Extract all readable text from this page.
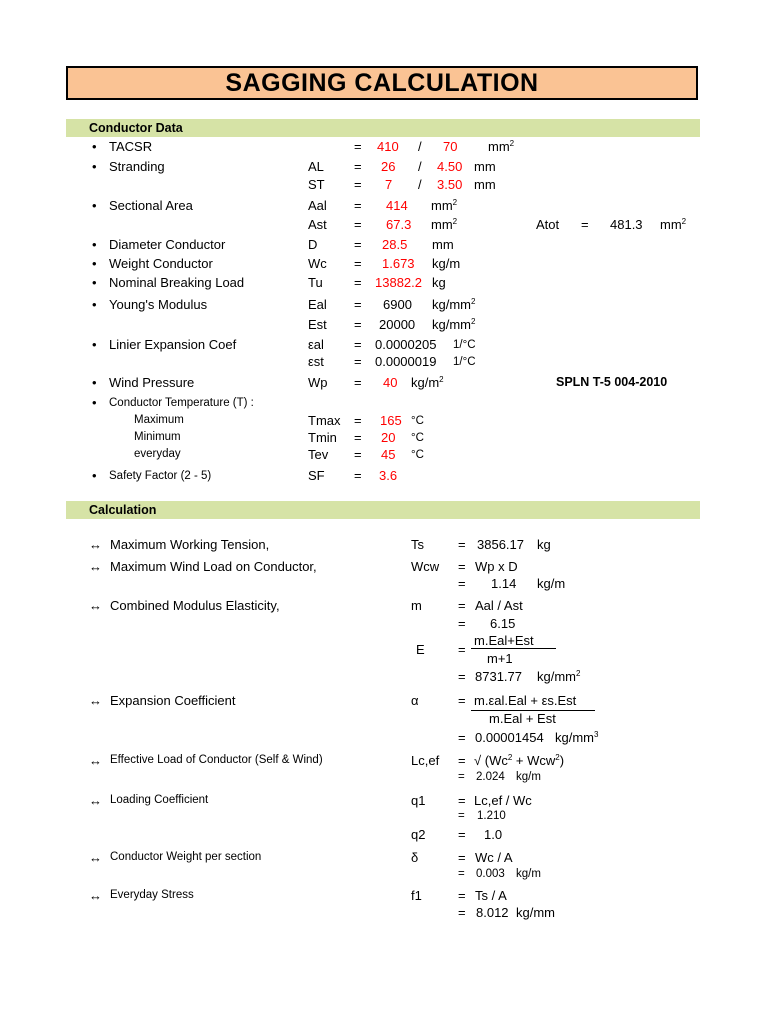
SAGGING CALCULATION
Conductor Data
• TACSR	= 410 / 70 $mm^2$
• Stranding	AL = 26 / 4.50 mm
ST = 7 / 3.50 mm
• Sectional Area	Aal = 414 $mm^2$
Ast = 67.3 $mm^2$	Atot = 481.3 $mm^2$
• Diameter Conductor	D	= 28.5 mm
• Weight Conductor	Wc = 1.673 kg/m
• Nominal Breaking Load	Tu = 13882.2 kg
• Young's Modulus	Eal = 6900 $kg/mm^2$
Est = 20000 $kg/mm^2$
• Linier Expansion Coef	εal = 0.0000205 1/°C
εst = 0.0000019 1/°C
• Wind Pressure	Wp = 40 $kg/m^2$	SPLN T-5 004-2010
• Conductor Temperature (T) :
Maximum	Tmax = 165 °C
Minimum	Tmin = 20 °C
everyday	Tev = 45 °C
• Safety Factor (2 - 5)	SF = 3.6
Calculation
↔ Maximum Working Tension,	Ts	= 3856.17 kg
↔ Maximum Wind Load on Conductor,	Wcw = Wp x D
= 1.14 kg/m
↔ Combined Modulus Elasticity,	m	= Aal / Ast
= 6.15
E	=
m.Eal+Est
m+1
= 8731.77 $kg/mm^2$
↔ Expansion Coefficient	α	= m.εal.Eal + εs.Est
m.Eal + Est
= 0.00001454 $kg/mm^3$
↔ Effective Load of Conductor (Self & Wind)	Lc,ef = √ $(Wc^2 + Wcw^2)$
= 2.024 kg/m
↔ Loading Coefficient	q1	= Lc,ef / Wc
= 1.210
q2	= 1.0
↔ Conductor Weight per section	δ	= Wc / A
= 0.003 kg/m
↔ Everyday Stress	f1	= Ts / A
= 8.012 kg/mm
